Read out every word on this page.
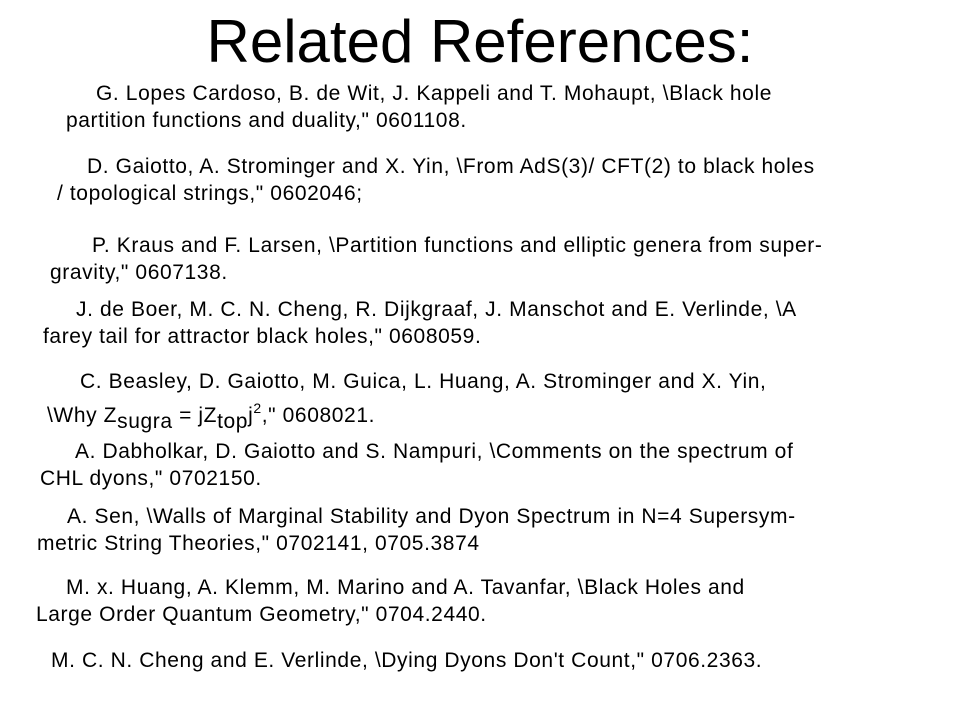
Related References:
G. Lopes Cardoso, B. de Wit, J. Kappeli and T. Mohaupt, \Black hole
partition functions and duality," 0601108.
D. Gaiotto, A. Strominger and X. Yin, \From AdS(3)/ CFT(2) to black holes
/ topological strings," 0602046;
P. Kraus and F. Larsen, \Partition functions and elliptic genera from super-
gravity," 0607138.
J. de Boer, M. C. N. Cheng, R. Dijkgraaf, J. Manschot and E. Verlinde, \A
farey tail for attractor black holes," 0608059.
C. Beasley, D. Gaiotto, M. Guica, L. Huang, A. Strominger and X. Yin,
\Why Zsugra = jZtopj$^2$," 0608021.
A. Dabholkar, D. Gaiotto and S. Nampuri, \Comments on the spectrum of
CHL dyons," 0702150.
A. Sen, \Walls of Marginal Stability and Dyon Spectrum in N=4 Supersym-
metric String Theories," 0702141, 0705.3874
M. x. Huang, A. Klemm, M. Marino and A. Tavanfar, \Black Holes and
Large Order Quantum Geometry," 0704.2440.
M. C. N. Cheng and E. Verlinde, \Dying Dyons Don't Count," 0706.2363.
